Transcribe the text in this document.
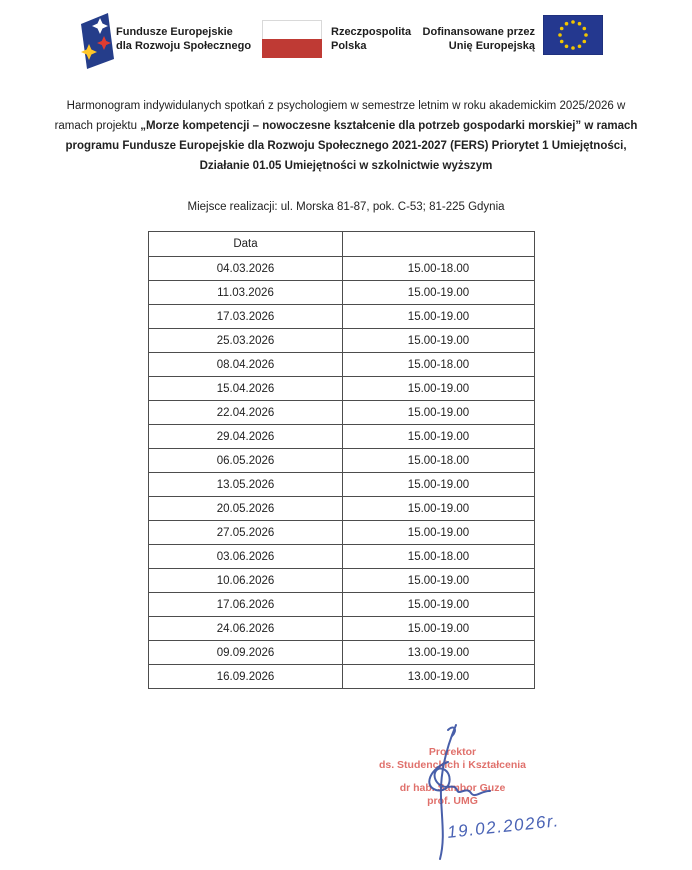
Fundusze Europejskie
dla Rozwoju Społecznego
Rzeczpospolita
Polska
Dofinansowane przez
Unię Europejską

Harmonogram indywidulanych spotkań z psychologiem w semestrze letnim w roku akademickim 2025/2026 w ramach projektu „Morze kompetencji – nowoczesne kształcenie dla potrzeb gospodarki morskiej” w ramach programu Fundusze Europejskie dla Rozwoju Społecznego 2021-2027 (FERS) Priorytet 1 Umiejętności, Działanie 01.05 Umiejętności w szkolnictwie wyższym

Miejsce realizacji: ul. Morska 81-87, pok. C-53; 81-225 Gdynia
Data	
04.03.2026	15.00-18.00
11.03.2026	15.00-19.00
17.03.2026	15.00-19.00
25.03.2026	15.00-19.00
08.04.2026	15.00-18.00
15.04.2026	15.00-19.00
22.04.2026	15.00-19.00
29.04.2026	15.00-19.00
06.05.2026	15.00-18.00
13.05.2026	15.00-19.00
20.05.2026	15.00-19.00
27.05.2026	15.00-19.00
03.06.2026	15.00-18.00
10.06.2026	15.00-19.00
17.06.2026	15.00-19.00
24.06.2026	15.00-19.00
09.09.2026	13.00-19.00
16.09.2026	13.00-19.00
Prorektor
ds. Studenckich i Kształcenia
dr hab. Sambor Guze
prof. UMG
19.02.2026r.
